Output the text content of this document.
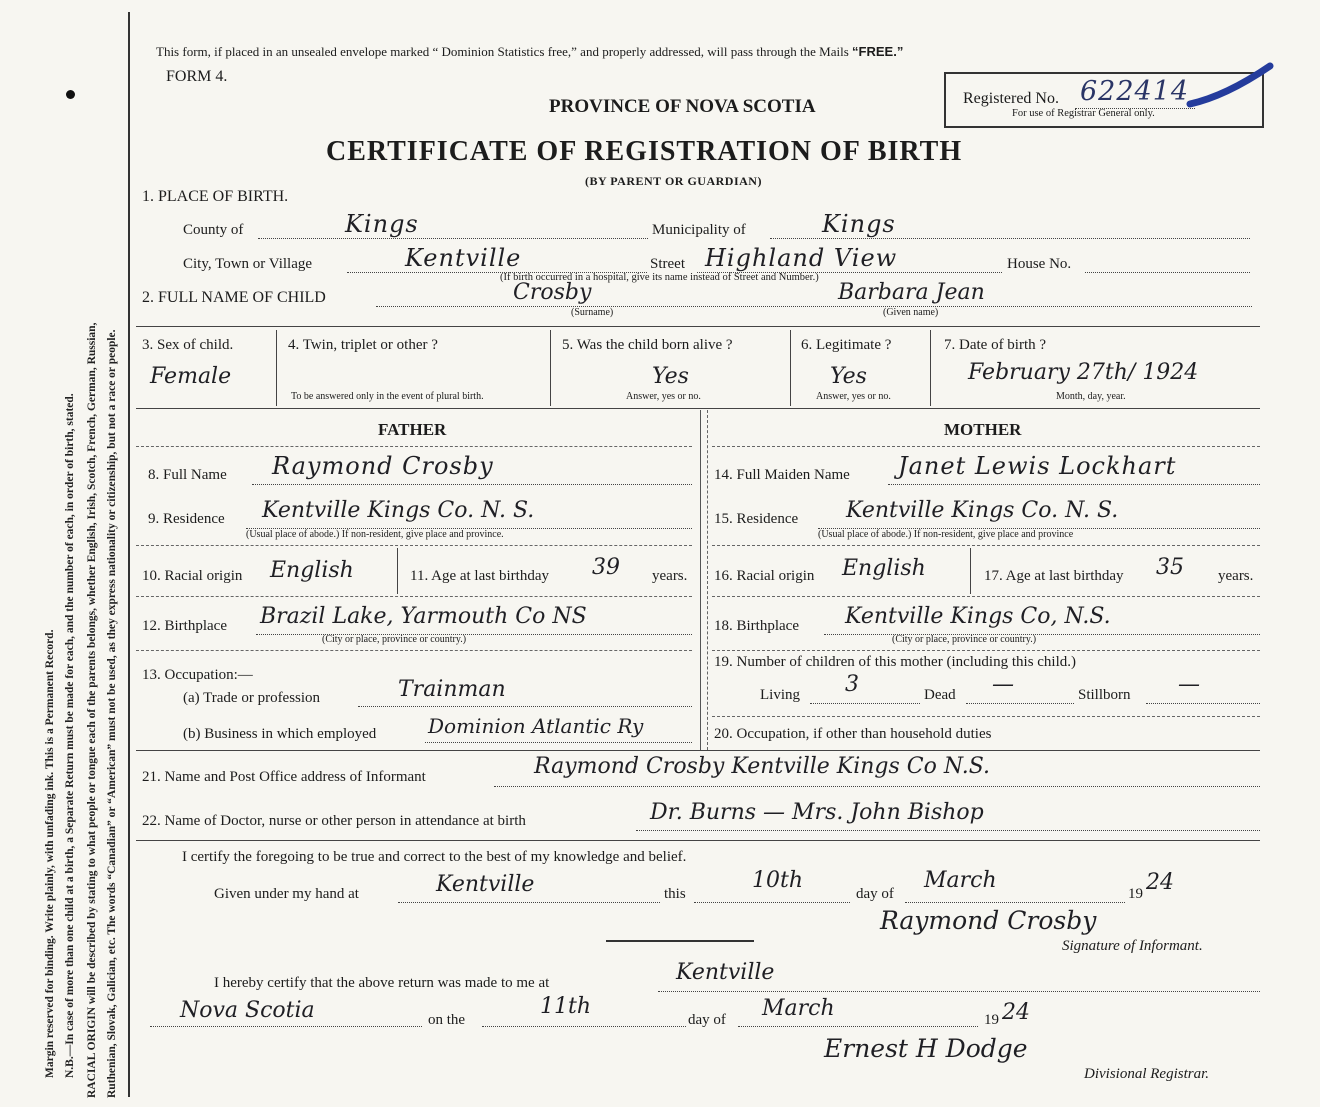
Margin reserved for binding. Write plainly, with unfading ink. This is a Permanent Record. N.B.—In case of more than one child at a birth, a Separate Return must be made for each, and the number of each, in order of birth, stated. RACIAL ORIGIN will be described by stating to what people or tongue each of the parents belongs, whether English, Irish, Scotch, French, German, Russian, Ruthenian, Slovak, Galician, etc. The words “Canadian” or “American” must not be used, as they express nationality or citizenship, but not a race or people.
This form, if placed in an unsealed envelope marked “ Dominion Statistics free,” and properly addressed, will pass through the Mails “FREE.”
FORM 4.
PROVINCE OF NOVA SCOTIA
CERTIFICATE OF REGISTRATION OF BIRTH
(BY PARENT OR GUARDIAN)
Registered No. 622414
For use of Registrar General only.
1. PLACE OF BIRTH.
County of	Kings	Municipality of	Kings
City, Town or Village	Kentville	Street Highland View	House No.
(If birth occurred in a hospital, give its name instead of Street and Number.)
2. FULL NAME OF CHILD	Crosby
(Surname)
Barbara Jean
(Given name)
3. Sex of child.
Female
4. Twin, triplet or other ?
To be answered only in the event of plural birth.
5. Was the child born alive ?
Yes
Answer, yes or no.
6. Legitimate ?
Yes
Answer, yes or no.
7. Date of birth ?
February 27th/ 1924
Month, day, year.
FATHER	MOTHER
8. Full Name Raymond Crosby
9. Residence Kentville Kings Co. N. S.
(Usual place of abode.) If non-resident, give place and province.
10. Racial origin English	11. Age at last birthday 39 years.
12. Birthplace Brazil Lake, Yarmouth Co NS
(City or place, province or country.)
13. Occupation:—
(a) Trade or profession	Trainman
(b) Business in which employed	Dominion Atlantic Ry
14. Full Maiden Name Janet Lewis Lockhart
15. Residence Kentville Kings Co. N. S.
(Usual place of abode.) If non-resident, give place and province
16. Racial origin English	17. Age at last birthday 35 years.
18. Birthplace Kentville Kings Co, N.S.
(City or place, province or country.)
19. Number of children of this mother (including this child.)
Living 3	Dead —	Stillborn —
20. Occupation, if other than household duties
21. Name and Post Office address of Informant	Raymond Crosby Kentville Kings Co N.S.
22. Name of Doctor, nurse or other person in attendance at birth	Dr. Burns — Mrs. John Bishop
I certify the foregoing to be true and correct to the best of my knowledge and belief.
Given under my hand at	Kentville	this
10th
day of
March
19 24
Raymond Crosby
Signature of Informant.
I hereby certify that the above return was made to me at	Kentville
Nova Scotia	on the
11th
day of March	19 24
Ernest H Dodge
Divisional Registrar.
